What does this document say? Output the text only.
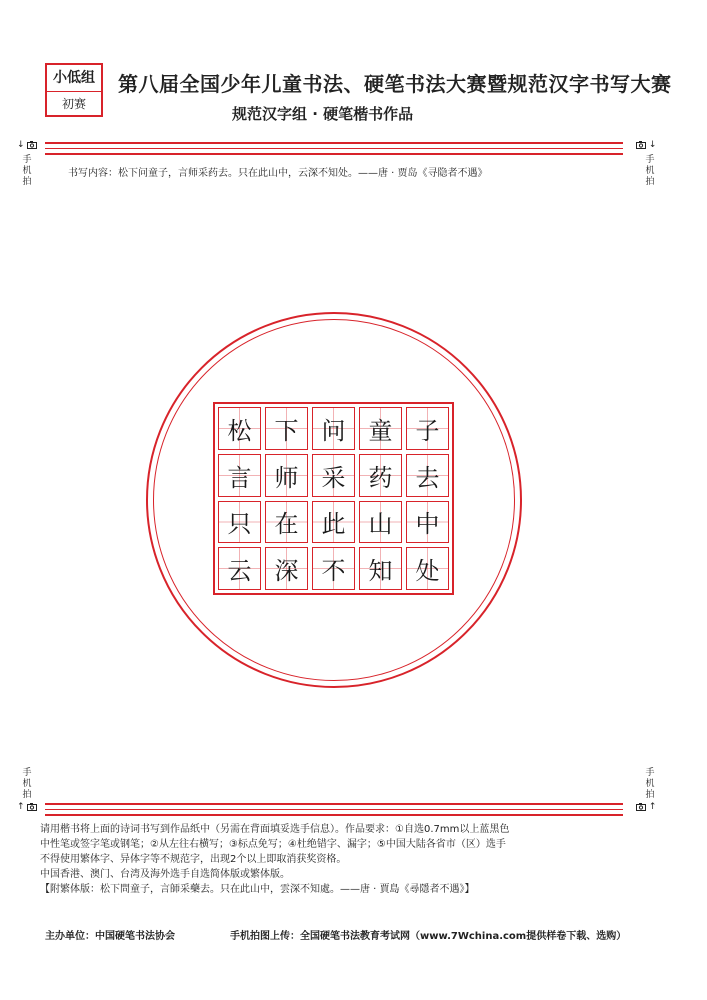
小低组
初赛
第八届全国少年儿童书法、硬笔书法大赛暨规范汉字书写大赛
规范汉字组 · 硬笔楷书作品
↓
手机拍
↓
手机拍
书写内容：松下问童子，言师采药去。只在此山中，云深不知处。——唐 · 贾岛《寻隐者不遇》
松 下 问 童 子
言 师 采 药 去
只 在 此 山 中
云 深 不 知 处
手机拍
↑
手机拍
↑

请用楷书将上面的诗词书写到作品纸中（另需在背面填妥选手信息）。作品要求：①自选0.7mm以上蓝黑色

中性笔或签字笔或钢笔；②从左往右横写；③标点免写；④杜绝错字、漏字；⑤中国大陆各省市（区）选手

不得使用繁体字、异体字等不规范字，出现2个以上即取消获奖资格。

中国香港、澳门、台湾及海外选手自选简体版或繁体版。

【附繁体版：松下問童子，言師采藥去。只在此山中，雲深不知處。——唐 · 賈島《尋隱者不遇》】

主办单位：中国硬笔书法协会	手机拍图上传：全国硬笔书法教育考试网（www.7Wchina.com提供样卷下载、选购）
